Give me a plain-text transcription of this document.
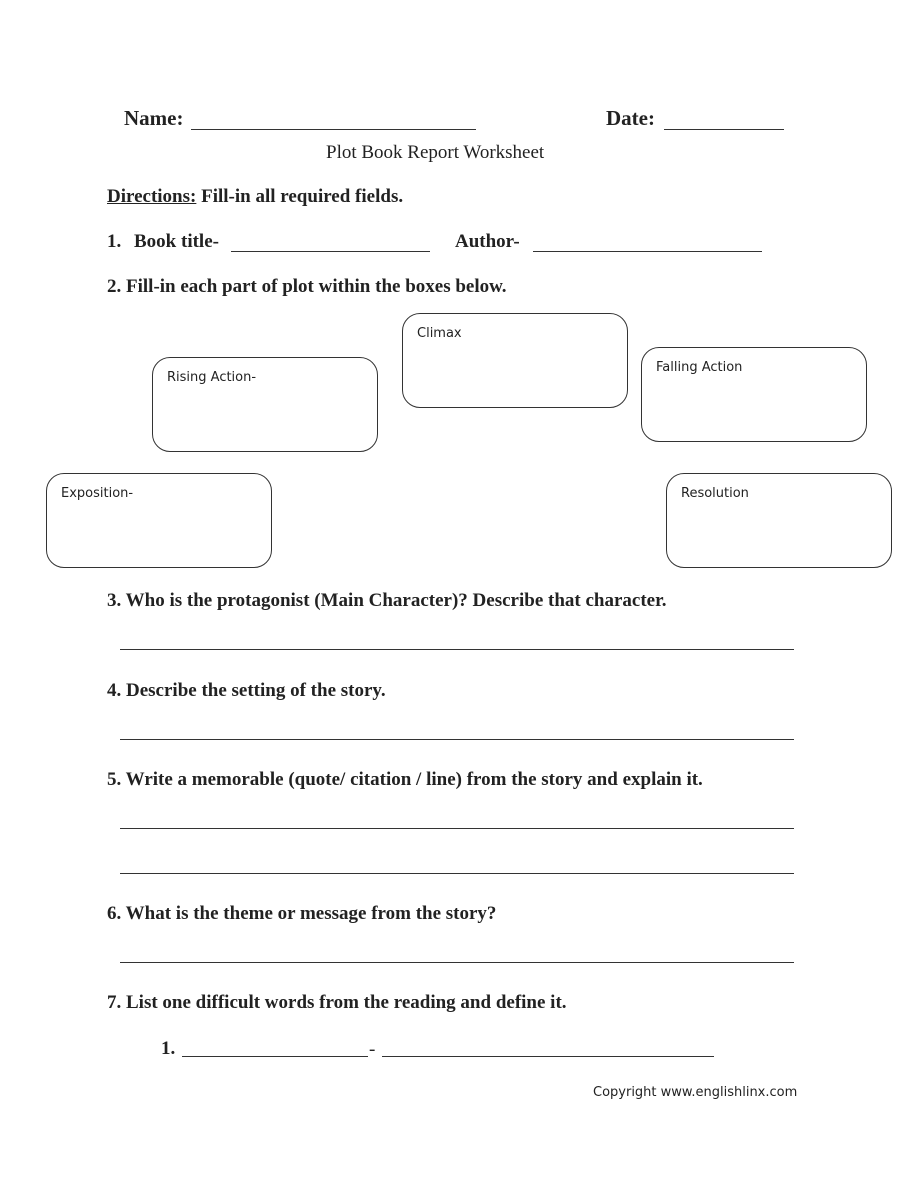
Name:	Date:
Plot Book Report Worksheet
Directions: Fill-in all required fields.
1. Book title-	Author-
2. Fill-in each part of plot within the boxes below.
Climax
Rising Action-
Falling Action
Exposition-	Resolution
3. Who is the protagonist (Main Character)? Describe that character.
4. Describe the setting of the story.
5. Write a memorable (quote/ citation / line) from the story and explain it.
6. What is the theme or message from the story?
7. List one difficult words from the reading and define it.
1.	-
Copyright www.englishlinx.com
